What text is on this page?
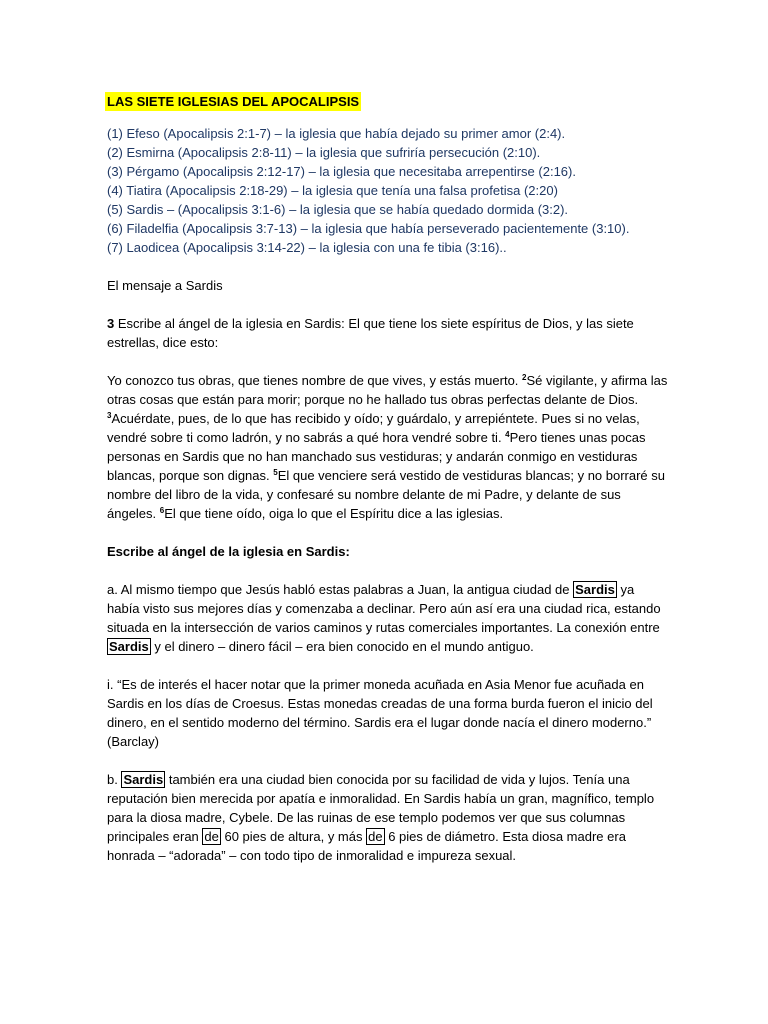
LAS SIETE IGLESIAS DEL APOCALIPSIS
(1) Efeso (Apocalipsis 2:1-7) – la iglesia que había dejado su primer amor (2:4).
(2) Esmirna (Apocalipsis 2:8-11) – la iglesia que sufriría persecución (2:10).
(3) Pérgamo (Apocalipsis 2:12-17) – la iglesia que necesitaba arrepentirse (2:16).
(4) Tiatira (Apocalipsis 2:18-29) – la iglesia que tenía una falsa profetisa (2:20)
(5) Sardis – (Apocalipsis 3:1-6) – la iglesia que se había quedado dormida (3:2).
(6) Filadelfia (Apocalipsis 3:7-13) – la iglesia que había perseverado pacientemente (3:10).
(7) Laodicea (Apocalipsis 3:14-22) – la iglesia con una fe tibia (3:16)..

El mensaje a Sardis

3 Escribe al ángel de la iglesia en Sardis: El que tiene los siete espíritus de Dios, y las siete estrellas, dice esto:

Yo conozco tus obras, que tienes nombre de que vives, y estás muerto. $^2$Sé vigilante, y afirma las otras cosas que están para morir; porque no he hallado tus obras perfectas delante de Dios. $^3$Acuérdate, pues, de lo que has recibido y oído; y guárdalo, y arrepiéntete. Pues si no velas, vendré sobre ti como ladrón, y no sabrás a qué hora vendré sobre ti. $^4$Pero tienes unas pocas personas en Sardis que no han manchado sus vestiduras; y andarán conmigo en vestiduras blancas, porque son dignas. $^5$El que venciere será vestido de vestiduras blancas; y no borraré su nombre del libro de la vida, y confesaré su nombre delante de mi Padre, y delante de sus ángeles. $^6$El que tiene oído, oiga lo que el Espíritu dice a las iglesias.

Escribe al ángel de la iglesia en Sardis:

a. Al mismo tiempo que Jesús habló estas palabras a Juan, la antigua ciudad de Sardis ya había visto sus mejores días y comenzaba a declinar. Pero aún así era una ciudad rica, estando situada en la intersección de varios caminos y rutas comerciales importantes. La conexión entre Sardis y el dinero – dinero fácil – era bien conocido en el mundo antiguo.

i. “Es de interés el hacer notar que la primer moneda acuñada en Asia Menor fue acuñada en Sardis en los días de Croesus. Estas monedas creadas de una forma burda fueron el inicio del dinero, en el sentido moderno del término. Sardis era el lugar donde nacía el dinero moderno.” (Barclay)

b. Sardis también era una ciudad bien conocida por su facilidad de vida y lujos. Tenía una reputación bien merecida por apatía e inmoralidad. En Sardis había un gran, magnífico, templo para la diosa madre, Cybele. De las ruinas de ese templo podemos ver que sus columnas principales eran de 60 pies de altura, y más de 6 pies de diámetro. Esta diosa madre era honrada – “adorada” – con todo tipo de inmoralidad e impureza sexual.
